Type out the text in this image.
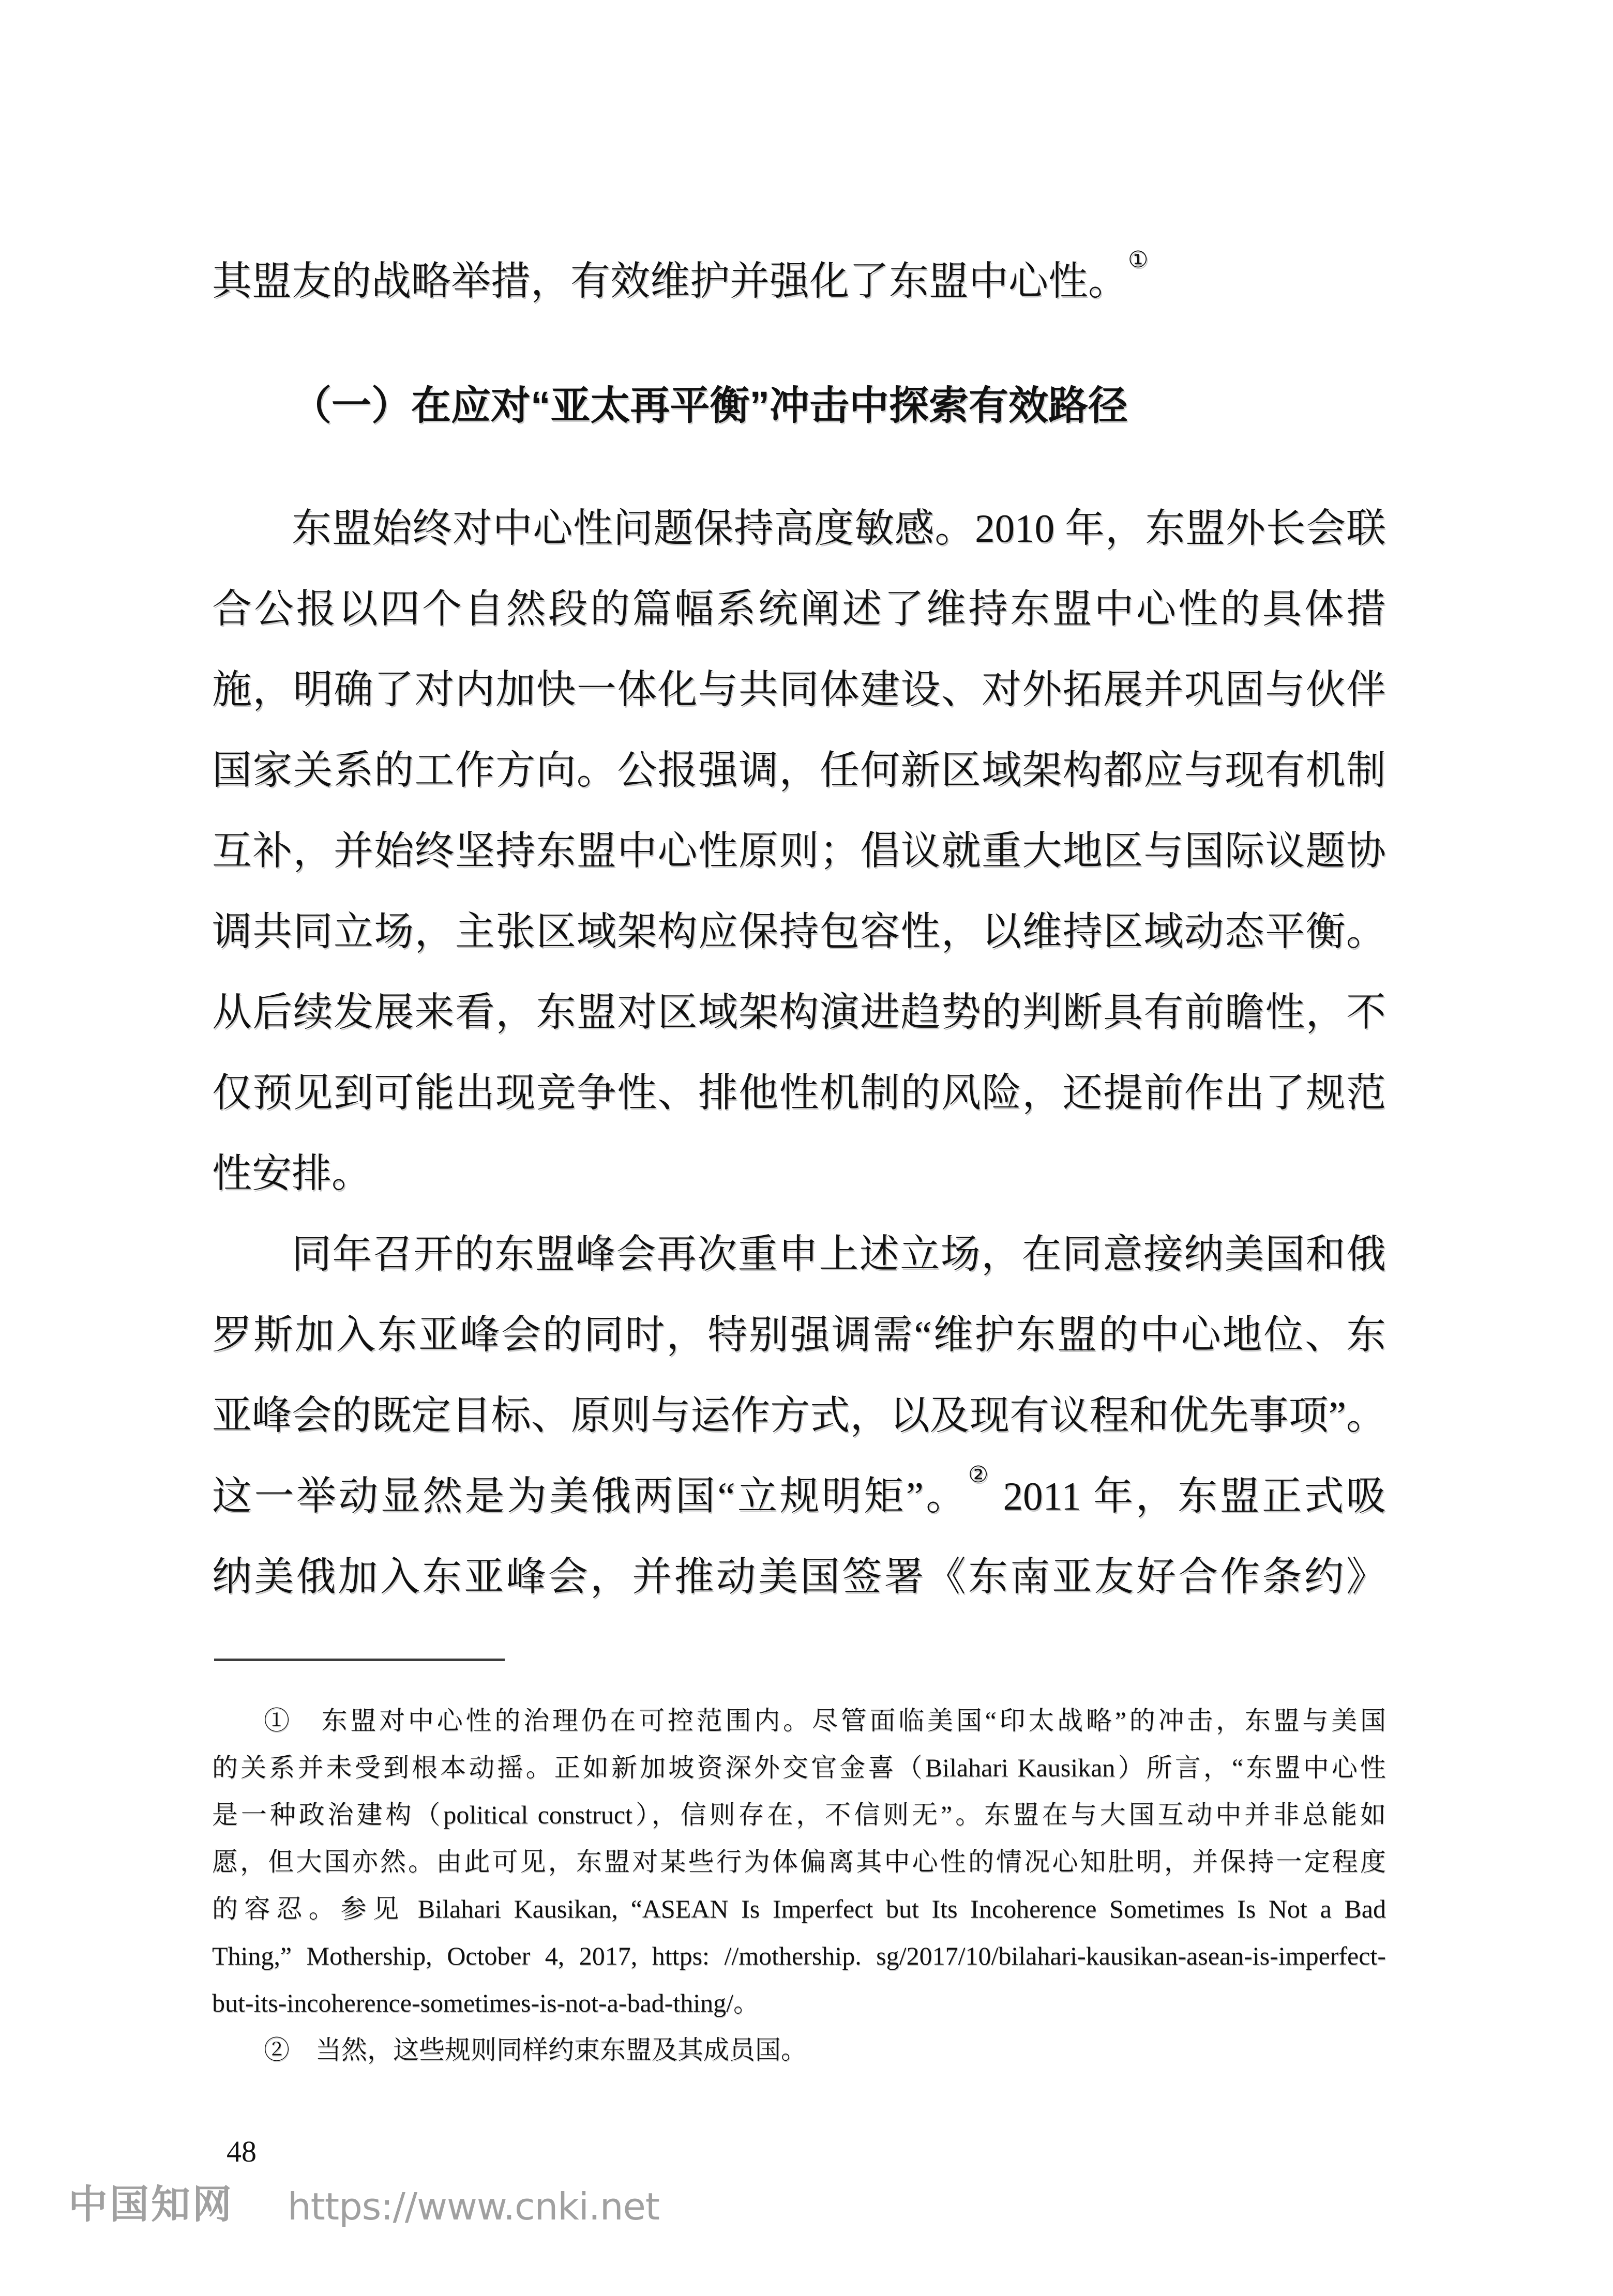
其盟友的战略举措，有效维护并强化了东盟中心性。①
（一）在应对“亚太再平衡”冲击中探索有效路径
东盟始终对中心性问题保持高度敏感。2010 年，东盟外长会联
合公报以四个自然段的篇幅系统阐述了维持东盟中心性的具体措
施，明确了对内加快一体化与共同体建设、对外拓展并巩固与伙伴
国家关系的工作方向。公报强调，任何新区域架构都应与现有机制
互补，并始终坚持东盟中心性原则；倡议就重大地区与国际议题协
调共同立场，主张区域架构应保持包容性，以维持区域动态平衡。
从后续发展来看，东盟对区域架构演进趋势的判断具有前瞻性，不
仅预见到可能出现竞争性、排他性机制的风险，还提前作出了规范
性安排。
同年召开的东盟峰会再次重申上述立场，在同意接纳美国和俄
罗斯加入东亚峰会的同时，特别强调需“维护东盟的中心地位、东
亚峰会的既定目标、原则与运作方式，以及现有议程和优先事项”。
这一举动显然是为美俄两国“立规明矩”。② 2011 年，东盟正式吸
纳美俄加入东亚峰会，并推动美国签署《东南亚友好合作条约》
①　东盟对中心性的治理仍在可控范围内。尽管面临美国“印太战略”的冲击，东盟与美国
的关系并未受到根本动摇。正如新加坡资深外交官金喜（Bilahari Kausikan）所言，“东盟中心性
是一种政治建构（political construct），信则存在，不信则无”。东盟在与大国互动中并非总能如
愿，但大国亦然。由此可见，东盟对某些行为体偏离其中心性的情况心知肚明，并保持一定程度
的容忍。参见 Bilahari Kausikan, “ASEAN Is Imperfect but Its Incoherence Sometimes Is Not a Bad
Thing,” Mothership, October 4, 2017, https: //mothership. sg/2017/10/bilahari-kausikan-asean-is-imperfect-
but-its-incoherence-sometimes-is-not-a-bad-thing/。
②　当然，这些规则同样约束东盟及其成员国。
48
中国知网 https://www.cnki.net
